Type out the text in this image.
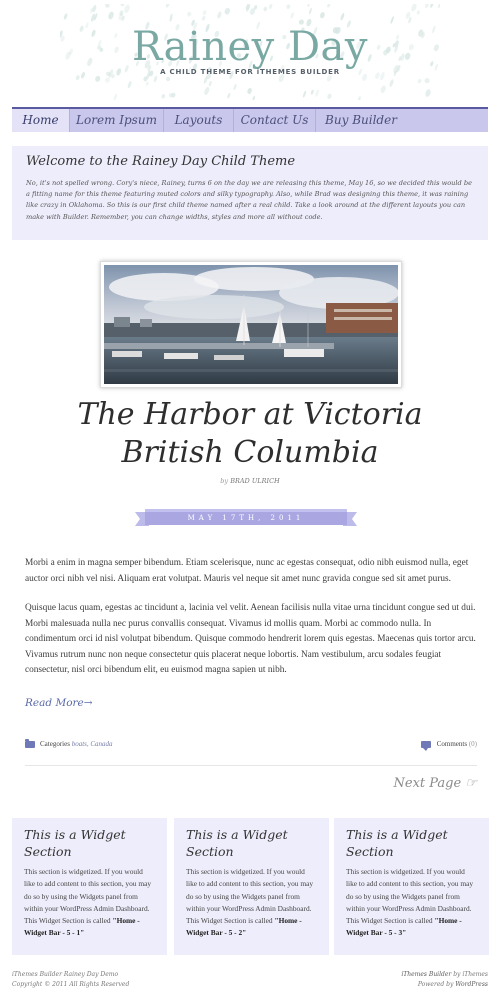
Rainey Day
A CHILD THEME FOR iTHEMES BUILDER
Home	Lorem Ipsum	Layouts	Contact Us	Buy Builder
Welcome to the Rainey Day Child Theme

No, it's not spelled wrong. Cory's niece, Rainey, turns 6 on the day we are releasing this theme, May 16, so we decided this would be a fitting name for this theme featuring muted colors and silky typography. Also, while Brad was designing this theme, it was raining like crazy in Oklahoma. So this is our first child theme named after a real child. Take a look around at the different layouts you can make with Builder. Remember, you can change widths, styles and more all without code.

The Harbor at Victoria
British Columbia
by BRAD ULRICH
MAY 17TH, 2011

Morbi a enim in magna semper bibendum. Etiam scelerisque, nunc ac egestas consequat, odio nibh euismod nulla, eget auctor orci nibh vel nisi. Aliquam erat volutpat. Mauris vel neque sit amet nunc gravida congue sed sit amet purus.

Quisque lacus quam, egestas ac tincidunt a, lacinia vel velit. Aenean facilisis nulla vitae urna tincidunt congue sed ut dui. Morbi malesuada nulla nec purus convallis consequat. Vivamus id mollis quam. Morbi ac commodo nulla. In condimentum orci id nisl volutpat bibendum. Quisque commodo hendrerit lorem quis egestas. Maecenas quis tortor arcu. Vivamus rutrum nunc non neque consectetur quis placerat neque lobortis. Nam vestibulum, arcu sodales feugiat consectetur, nisl orci bibendum elit, eu euismod magna sapien ut nibh.

Read More→
Categories
boats , Canada	Comments
(0)
Next Page ☞
This is a Widget Section

This section is widgetized. If you would like to add content to this section, you may do so by using the Widgets panel from within your WordPress Admin Dashboard. This Widget Section is called "Home - Widget Bar - 5 - 1"

This is a Widget Section

This section is widgetized. If you would like to add content to this section, you may do so by using the Widgets panel from within your WordPress Admin Dashboard. This Widget Section is called "Home - Widget Bar - 5 - 2"

This is a Widget Section

This section is widgetized. If you would like to add content to this section, you may do so by using the Widgets panel from within your WordPress Admin Dashboard. This Widget Section is called "Home - Widget Bar - 5 - 3"

iThemes Builder Rainey Day Demo
Copyright © 2011 All Rights Reserved
iThemes Builder by iThemes
Powered by WordPress
